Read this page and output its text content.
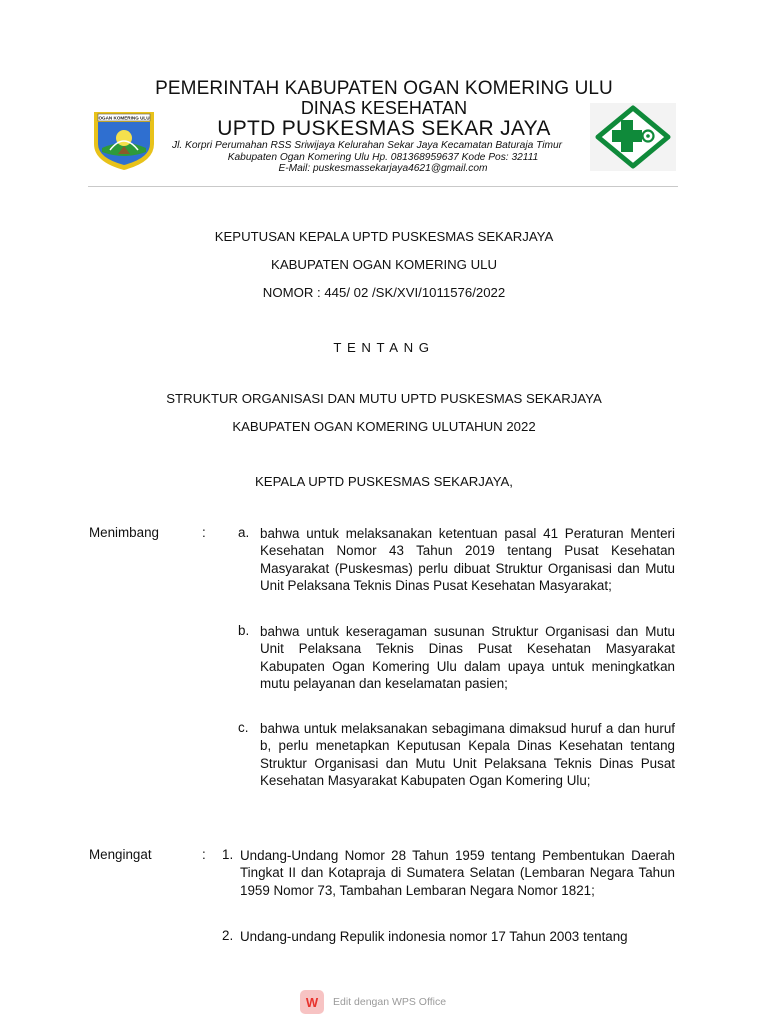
OGAN KOMERING ULU
PEMERINTAH KABUPATEN OGAN KOMERING ULU
DINAS KESEHATAN
UPTD PUSKESMAS SEKAR JAYA
Jl. Korpri Perumahan RSS Sriwijaya Kelurahan Sekar Jaya Kecamatan Baturaja Timur
Kabupaten Ogan Komering Ulu Hp. 081368959637 Kode Pos: 32111
E-Mail: puskesmassekarjaya4621@gmail.com
KEPUTUSAN KEPALA UPTD PUSKESMAS SEKARJAYA
KABUPATEN OGAN KOMERING ULU
NOMOR : 445/ 02 /SK/XVI/1011576/2022
TENTANG
STRUKTUR ORGANISASI DAN MUTU UPTD PUSKESMAS SEKARJAYA
KABUPATEN OGAN KOMERING ULUTAHUN 2022
KEPALA UPTD PUSKESMAS SEKARJAYA,
Menimbang	: a. bahwa untuk melaksanakan ketentuan pasal 41 Peraturan Menteri Kesehatan Nomor 43 Tahun 2019 tentang Pusat Kesehatan Masyarakat (Puskesmas) perlu dibuat Struktur Organisasi dan Mutu Unit Pelaksana Teknis Dinas Pusat Kesehatan Masyarakat;
b. bahwa untuk keseragaman susunan Struktur Organisasi dan Mutu Unit Pelaksana Teknis Dinas Pusat Kesehatan Masyarakat Kabupaten Ogan Komering Ulu dalam upaya untuk meningkatkan mutu pelayanan dan keselamatan pasien;
c. bahwa untuk melaksanakan sebagimana dimaksud huruf a dan huruf b, perlu menetapkan Keputusan Kepala Dinas Kesehatan tentang Struktur Organisasi dan Mutu Unit Pelaksana Teknis Dinas Pusat Kesehatan Masyarakat Kabupaten Ogan Komering Ulu;
Mengingat	: 1. Undang-Undang Nomor 28 Tahun 1959 tentang Pembentukan Daerah Tingkat II dan Kotapraja di Sumatera Selatan (Lembaran Negara Tahun 1959 Nomor 73, Tambahan Lembaran Negara Nomor 1821;
2. Undang-undang Repulik indonesia nomor 17 Tahun 2003 tentang
W Edit dengan WPS Office
